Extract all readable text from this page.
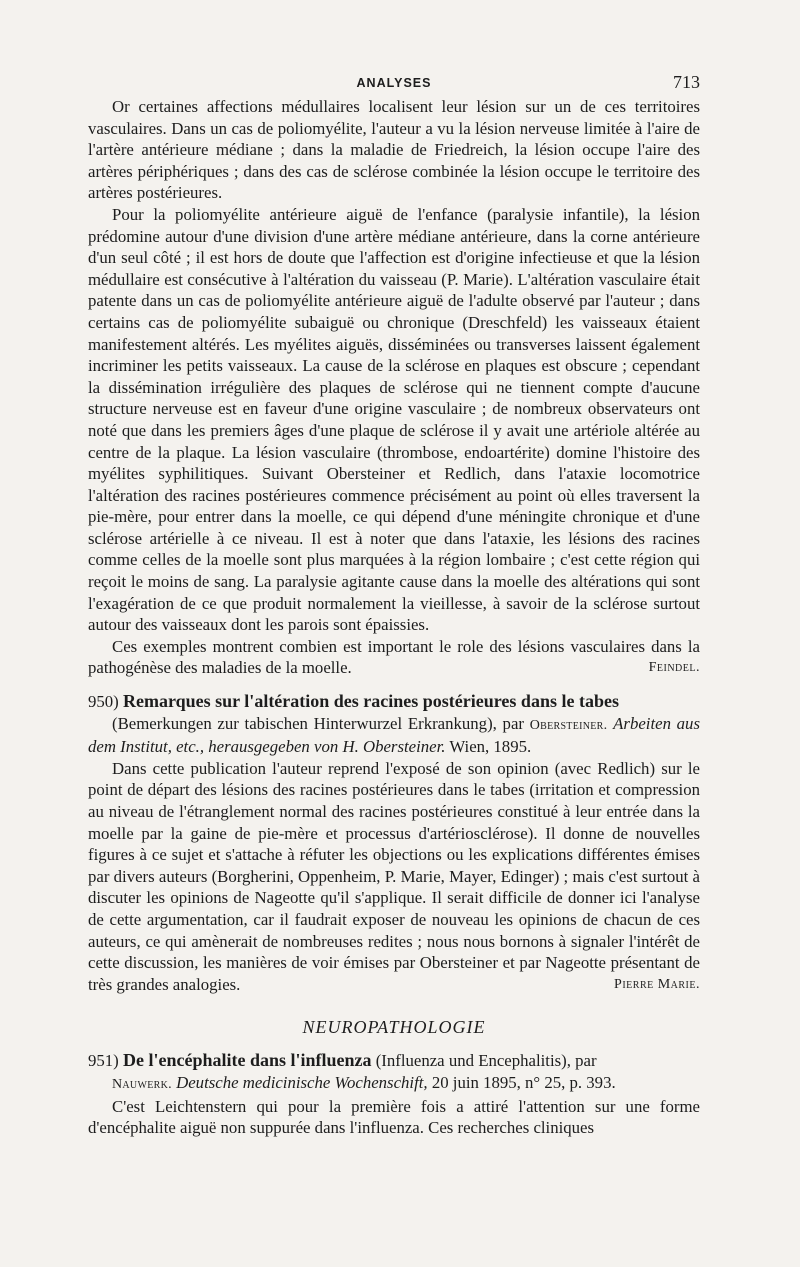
ANALYSES	713

Or certaines affections médullaires localisent leur lésion sur un de ces territoires vasculaires. Dans un cas de poliomyélite, l'auteur a vu la lésion nerveuse limitée à l'aire de l'artère antérieure médiane ; dans la maladie de Friedreich, la lésion occupe l'aire des artères périphériques ; dans des cas de sclérose combinée la lésion occupe le territoire des artères postérieures.

Pour la poliomyélite antérieure aiguë de l'enfance (paralysie infantile), la lésion prédomine autour d'une division d'une artère médiane antérieure, dans la corne antérieure d'un seul côté ; il est hors de doute que l'affection est d'origine infectieuse et que la lésion médullaire est consécutive à l'altération du vaisseau (P. Marie). L'altération vasculaire était patente dans un cas de poliomyélite antérieure aiguë de l'adulte observé par l'auteur ; dans certains cas de poliomyélite subaiguë ou chronique (Dreschfeld) les vaisseaux étaient manifestement altérés. Les myélites aiguës, disséminées ou transverses laissent également incriminer les petits vaisseaux. La cause de la sclérose en plaques est obscure ; cependant la dissémination irrégulière des plaques de sclérose qui ne tiennent compte d'aucune structure nerveuse est en faveur d'une origine vasculaire ; de nombreux observateurs ont noté que dans les premiers âges d'une plaque de sclérose il y avait une artériole altérée au centre de la plaque. La lésion vasculaire (thrombose, endoartérite) domine l'histoire des myélites syphilitiques. Suivant Obersteiner et Redlich, dans l'ataxie locomotrice l'altération des racines postérieures commence précisément au point où elles traversent la pie-mère, pour entrer dans la moelle, ce qui dépend d'une méningite chronique et d'une sclérose artérielle à ce niveau. Il est à noter que dans l'ataxie, les lésions des racines comme celles de la moelle sont plus marquées à la région lombaire ; c'est cette région qui reçoit le moins de sang. La paralysie agitante cause dans la moelle des altérations qui sont l'exagération de ce que produit normalement la vieillesse, à savoir de la sclérose surtout autour des vaisseaux dont les parois sont épaissies.

Ces exemples montrent combien est important le role des lésions vasculaires dans la pathogénèse des maladies de la moelle.	Feindel.

950) Remarques sur l'altération des racines postérieures dans le tabes
(Bemerkungen zur tabischen Hinterwurzel Erkrankung), par Obersteiner. Arbeiten aus dem Institut, etc., herausgegeben von H. Obersteiner. Wien, 1895.

Dans cette publication l'auteur reprend l'exposé de son opinion (avec Redlich) sur le point de départ des lésions des racines postérieures dans le tabes (irritation et compression au niveau de l'étranglement normal des racines postérieures constitué à leur entrée dans la moelle par la gaine de pie-mère et processus d'artériosclérose). Il donne de nouvelles figures à ce sujet et s'attache à réfuter les objections ou les explications différentes émises par divers auteurs (Borgherini, Oppenheim, P. Marie, Mayer, Edinger) ; mais c'est surtout à discuter les opinions de Nageotte qu'il s'applique. Il serait difficile de donner ici l'analyse de cette argumentation, car il faudrait exposer de nouveau les opinions de chacun de ces auteurs, ce qui amènerait de nombreuses redites ; nous nous bornons à signaler l'intérêt de cette discussion, les manières de voir émises par Obersteiner et par Nageotte présentant de très grandes analogies.	Pierre Marie.

NEUROPATHOLOGIE
951) De l'encéphalite dans l'influenza (Influenza und Encephalitis), par
Nauwerk. Deutsche medicinische Wochenschift, 20 juin 1895, n° 25, p. 393.

C'est Leichtenstern qui pour la première fois a attiré l'attention sur une forme d'encéphalite aiguë non suppurée dans l'influenza. Ces recherches cliniques
